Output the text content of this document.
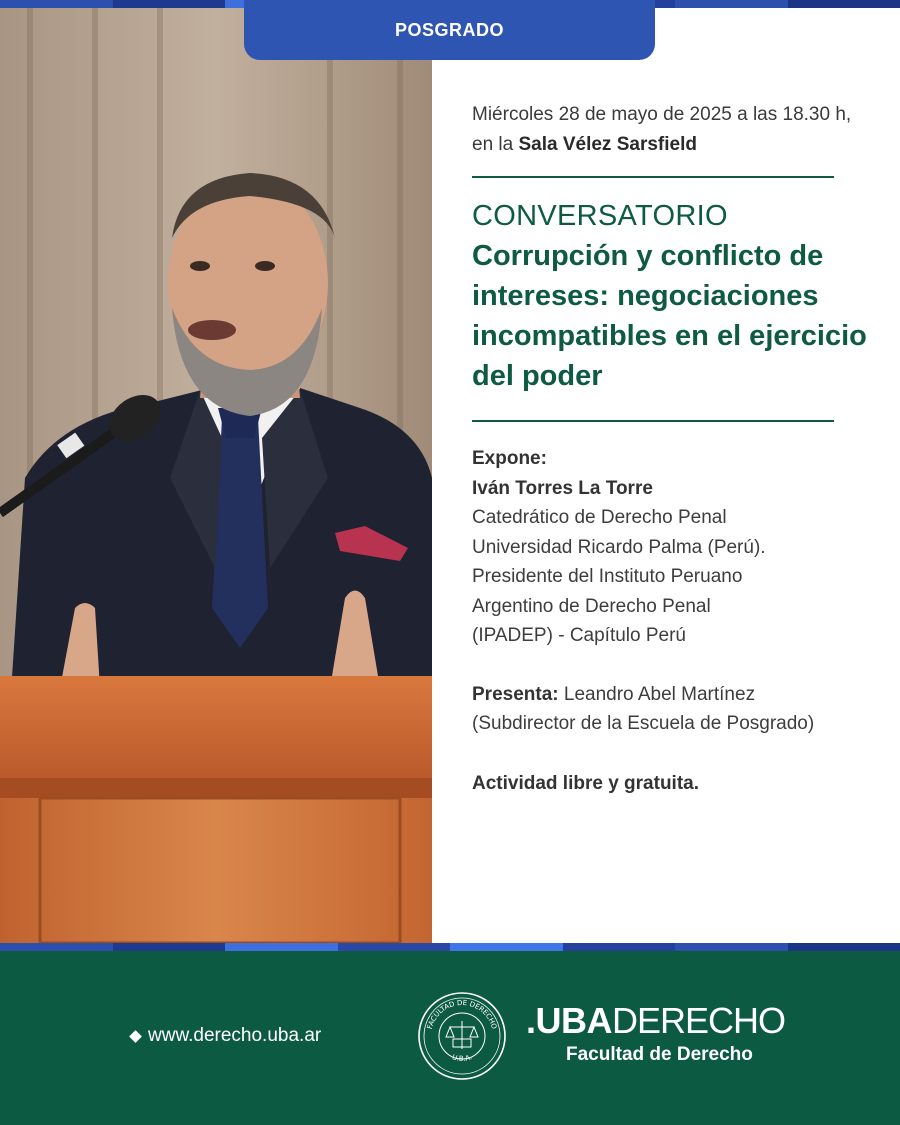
POSGRADO

Miércoles 28 de mayo de 2025 a las 18.30 h, en la Sala Vélez Sarsfield

CONVERSATORIO

Corrupción y conflicto de intereses: negociaciones incompatibles en el ejercicio del poder

Expone:

Iván Torres La Torre

Catedrático de Derecho Penal

Universidad Ricardo Palma (Perú).

Presidente del Instituto Peruano

Argentino de Derecho Penal

(IPADEP) - Capítulo Perú

Presenta: Leandro Abel Martínez (Subdirector de la Escuela de Posgrado)

Actividad libre y gratuita.

www.derecho.uba.ar	FACULTAD DE DERECHO
U.B.A.
. UBA DERECHO
Facultad de Derecho
